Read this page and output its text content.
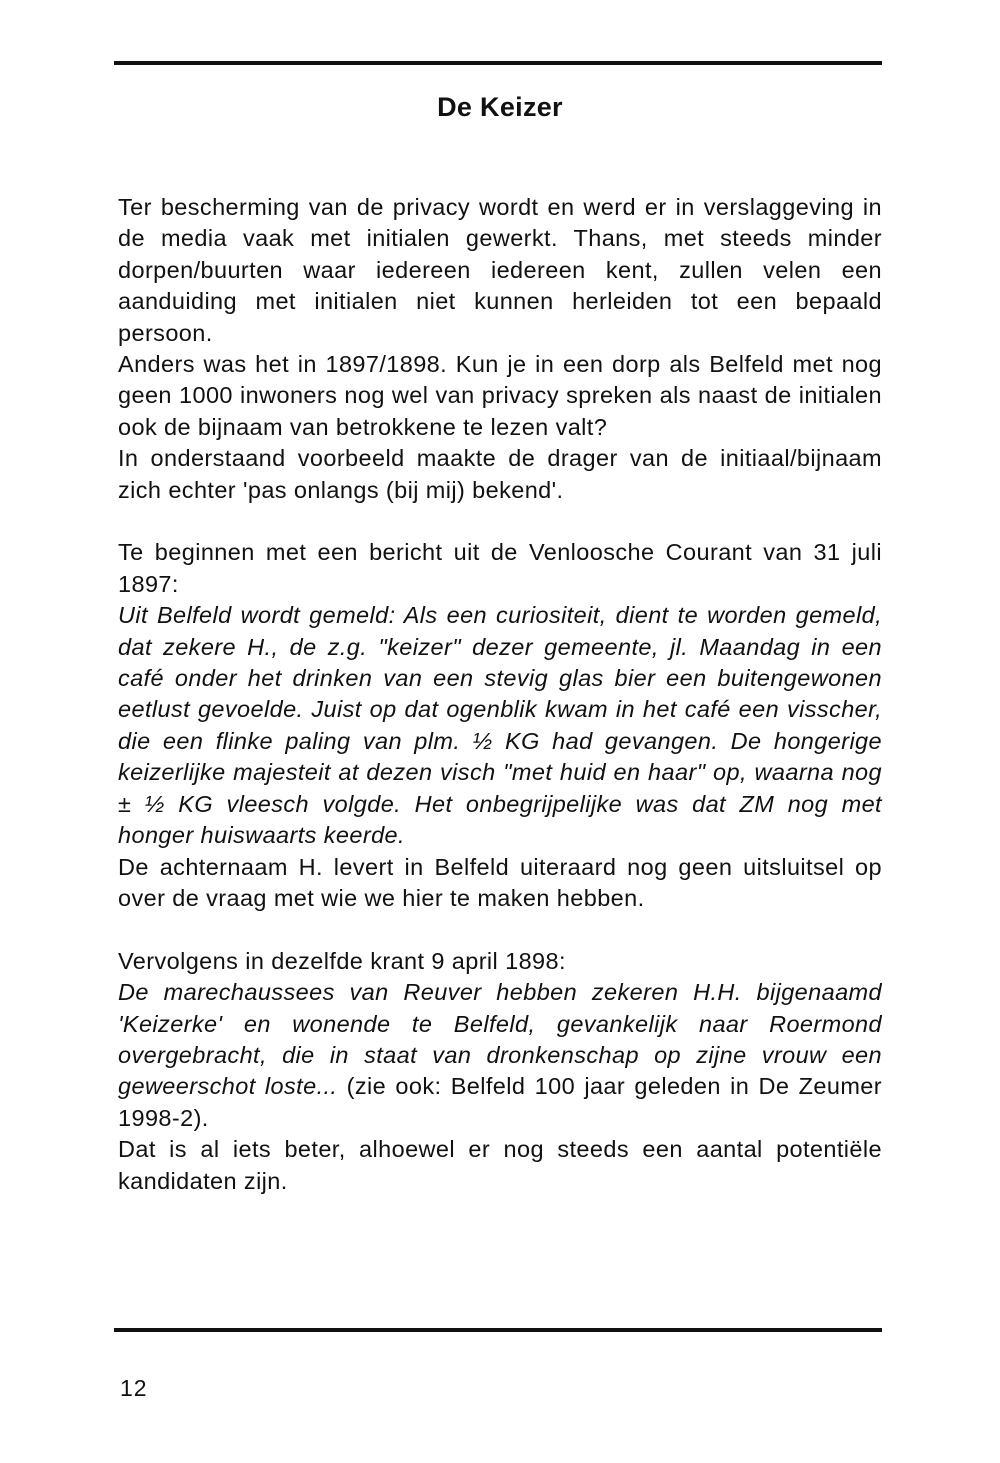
De Keizer

Ter bescherming van de privacy wordt en werd er in verslaggeving in de media vaak met initialen gewerkt. Thans, met steeds minder dorpen/buurten waar iedereen iedereen kent, zullen velen een aanduiding met initialen niet kunnen herleiden tot een bepaald persoon.

Anders was het in 1897/1898. Kun je in een dorp als Belfeld met nog geen 1000 inwoners nog wel van privacy spreken als naast de initialen ook de bijnaam van betrokkene te lezen valt?

In onderstaand voorbeeld maakte de drager van de initiaal/bijnaam zich echter 'pas onlangs (bij mij) bekend'.

Te beginnen met een bericht uit de Venloosche Courant van 31 juli 1897:

Uit Belfeld wordt gemeld: Als een curiositeit, dient te worden gemeld, dat zekere H., de z.g. "keizer" dezer gemeente, jl. Maandag in een café onder het drinken van een stevig glas bier een buitengewonen eetlust gevoelde. Juist op dat ogenblik kwam in het café een visscher, die een flinke paling van plm. ½ KG had gevangen. De hongerige keizerlijke majesteit at dezen visch "met huid en haar" op, waarna nog ± ½ KG vleesch volgde. Het onbegrijpelijke was dat ZM nog met honger huiswaarts keerde.

De achternaam H. levert in Belfeld uiteraard nog geen uitsluitsel op over de vraag met wie we hier te maken hebben.

Vervolgens in dezelfde krant 9 april 1898:

De marechaussees van Reuver hebben zekeren H.H. bijgenaamd 'Keizerke' en wonende te Belfeld, gevankelijk naar Roermond overgebracht, die in staat van dronkenschap op zijne vrouw een geweerschot loste... (zie ook: Belfeld 100 jaar geleden in De Zeumer 1998-2).

Dat is al iets beter, alhoewel er nog steeds een aantal potentiële kandidaten zijn.

12
